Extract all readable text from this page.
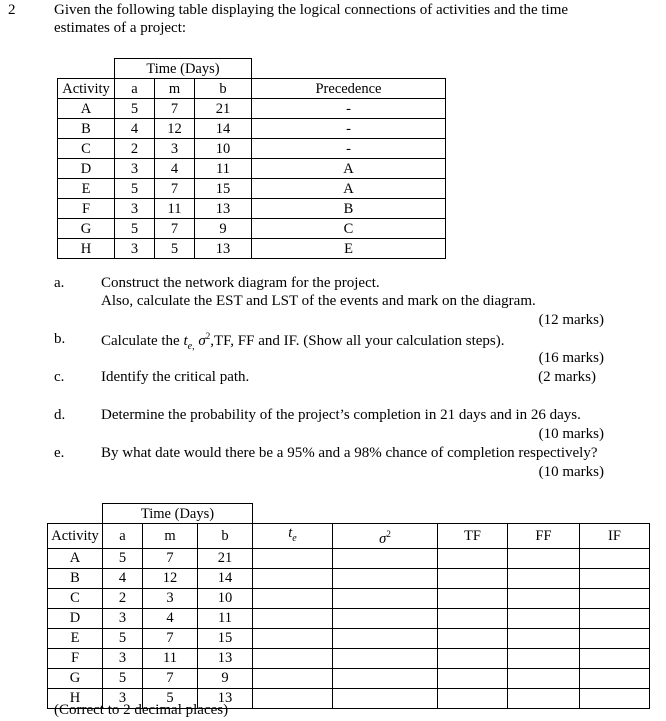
2	Given the following table displaying the logical connections of activities and the time
estimates of a project:
	Time (Days)			
Activity	a	m	b	Precedence
A	5	7	21	-
B	4	12	14	-
C	2	3	10	-
D	3	4	11	A
E	5	7	15	A
F	3	11	13	B
G	5	7	9	C
H	3	5	13	E
a. Construct the network diagram for the project.
Also, calculate the EST and LST of the events and mark on the diagram.
(12 marks)
b. Calculate the $t_{e,}$ $\sigma^2,TF$, FF and IF. (Show all your calculation steps).
(16 marks)
c. Identify the critical path.	(2 marks)
d. Determine the probability of the project’s completion in 21 days and in 26 days.
(10 marks)
e. By what date would there be a 95% and a 98% chance of completion respectively?
(10 marks)
	Time (Days)							
Activity	a	m	b	$t_e$	$\sigma^2$	TF	FF	IF
A	5	7	21					
B	4	12	14					
C	2	3	10					
D	3	4	11					
E	5	7	15					
F	3	11	13					
G	5	7	9					
H	3	5	13					
(Correct to 2 decimal places)
